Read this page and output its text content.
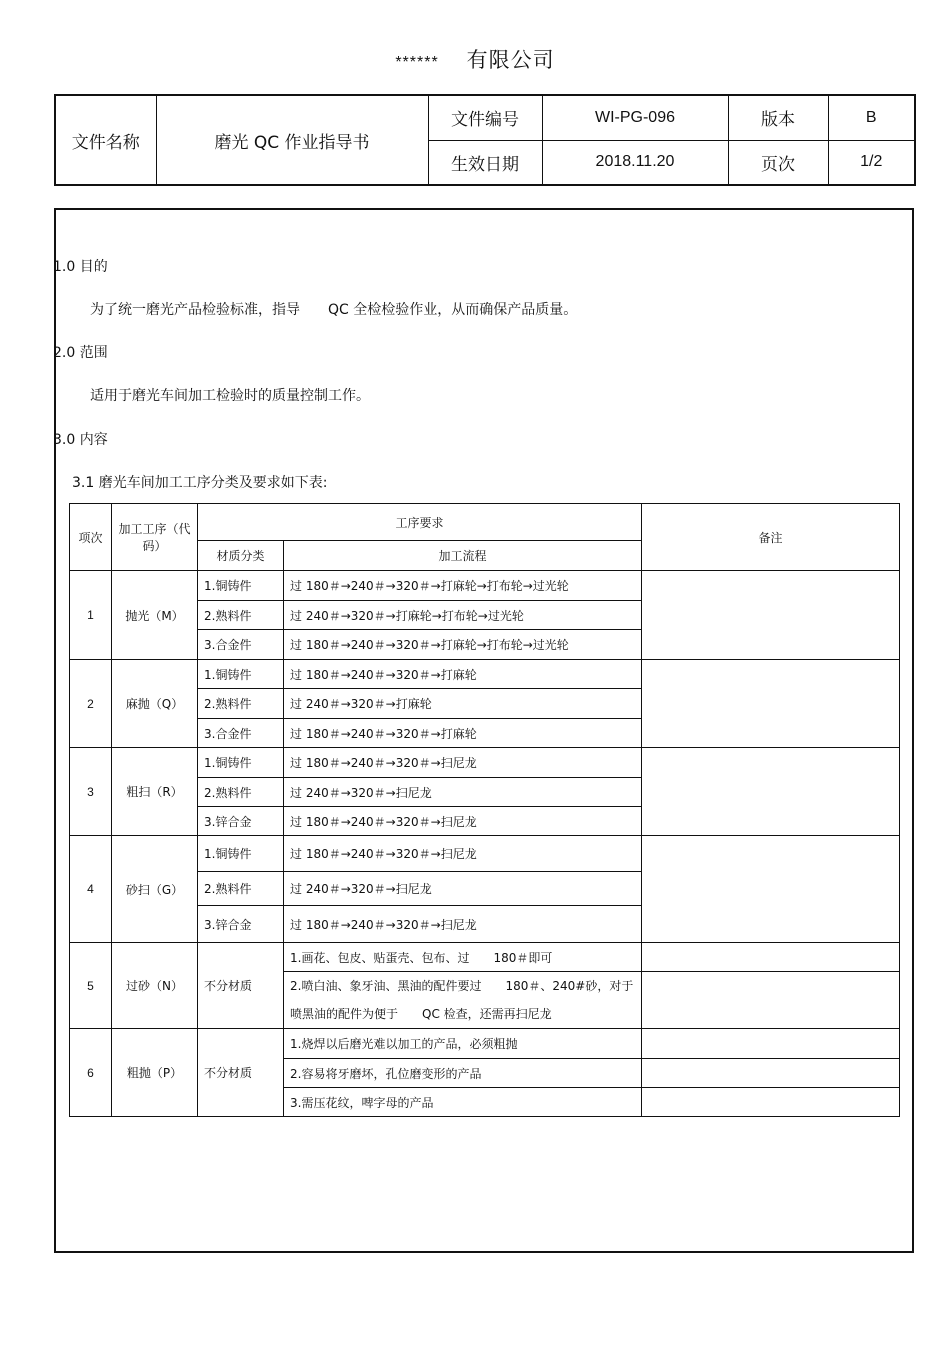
****** 有限公司
文件名称	磨光 QC 作业指导书	文件编号	WI-PG-096	版本	B
		生效日期	2018.11.20	页次	1/2
1.0 目的
为了统一磨光产品检验标准，指导　　QC 全检检验作业，从而确保产品质量。
2.0 范围
适用于磨光车间加工检验时的质量控制工作。
3.0 内容
3.1 磨光车间加工工序分类及要求如下表:
项次	加工工序（代码）	工序要求		备注
		材质分类	加工流程	
1	抛光（M）	1.铜铸件	过 180＃→240＃→320＃→打麻轮→打布轮→过光轮	
		2.熟料件	过 240＃→320＃→打麻轮→打布轮→过光轮	
		3.合金件	过 180＃→240＃→320＃→打麻轮→打布轮→过光轮	
2	麻抛（Q）	1.铜铸件	过 180＃→240＃→320＃→打麻轮	
		2.熟料件	过 240＃→320＃→打麻轮	
		3.合金件	过 180＃→240＃→320＃→打麻轮	
3	粗扫（R）	1.铜铸件	过 180＃→240＃→320＃→扫尼龙	
		2.熟料件	过 240＃→320＃→扫尼龙	
		3.锌合金	过 180＃→240＃→320＃→扫尼龙	
4	砂扫（G）	1.铜铸件	过 180＃→240＃→320＃→扫尼龙	
		2.熟料件	过 240＃→320＃→扫尼龙	
		3.锌合金	过 180＃→240＃→320＃→扫尼龙	
5	过砂（N）	不分材质	1.画花、包皮、贴蛋壳、包布、过　　180＃即可	
			2.喷白油、象牙油、黑油的配件要过　　180＃、240#砂，对于喷黑油的配件为便于　　QC 检查，还需再扫尼龙	
6	粗抛（P）	不分材质	1.烧焊以后磨光难以加工的产品，必须粗抛	
			2.容易将牙磨坏，孔位磨变形的产品	
			3.需压花纹，啤字母的产品	
